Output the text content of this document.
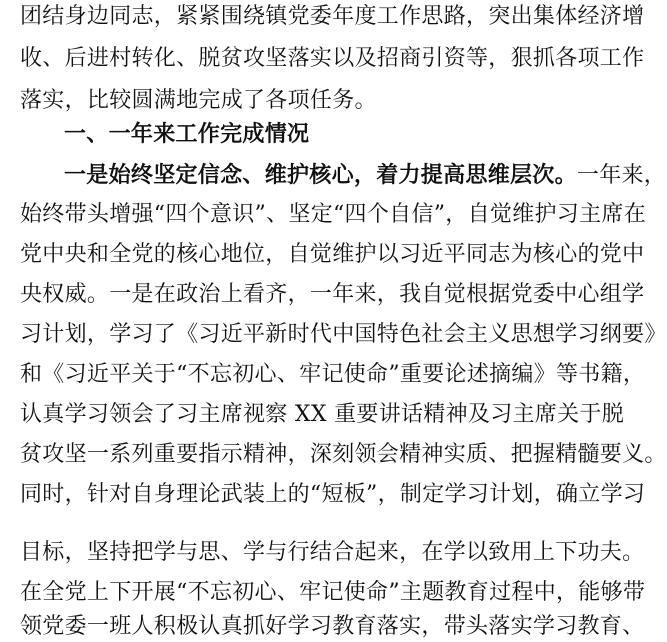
团结身边同志，紧紧围绕镇党委年度工作思路，突出集体经济增
收、后进村转化、脱贫攻坚落实以及招商引资等，狠抓各项工作
落实，比较圆满地完成了各项任务。
一、一年来工作完成情况
一是始终坚定信念、维护核心，着力提高思维层次。一年来，
始终带头增强“四个意识”、坚定“四个自信”，自觉维护习主席在
党中央和全党的核心地位，自觉维护以习近平同志为核心的党中
央权威。一是在政治上看齐，一年来，我自觉根据党委中心组学
习计划，学习了《习近平新时代中国特色社会主义思想学习纲要》
和《习近平关于“不忘初心、牢记使命”重要论述摘编》等书籍，
认真学习领会了习主席视察 XX 重要讲话精神及习主席关于脱
贫攻坚一系列重要指示精神，深刻领会精神实质、把握精髓要义。
同时，针对自身理论武装上的“短板”，制定学习计划，确立学习
目标，坚持把学与思、学与行结合起来，在学以致用上下功夫。
在全党上下开展“不忘初心、牢记使命”主题教育过程中，能够带
领党委一班人积极认真抓好学习教育落实，带头落实学习教育、
